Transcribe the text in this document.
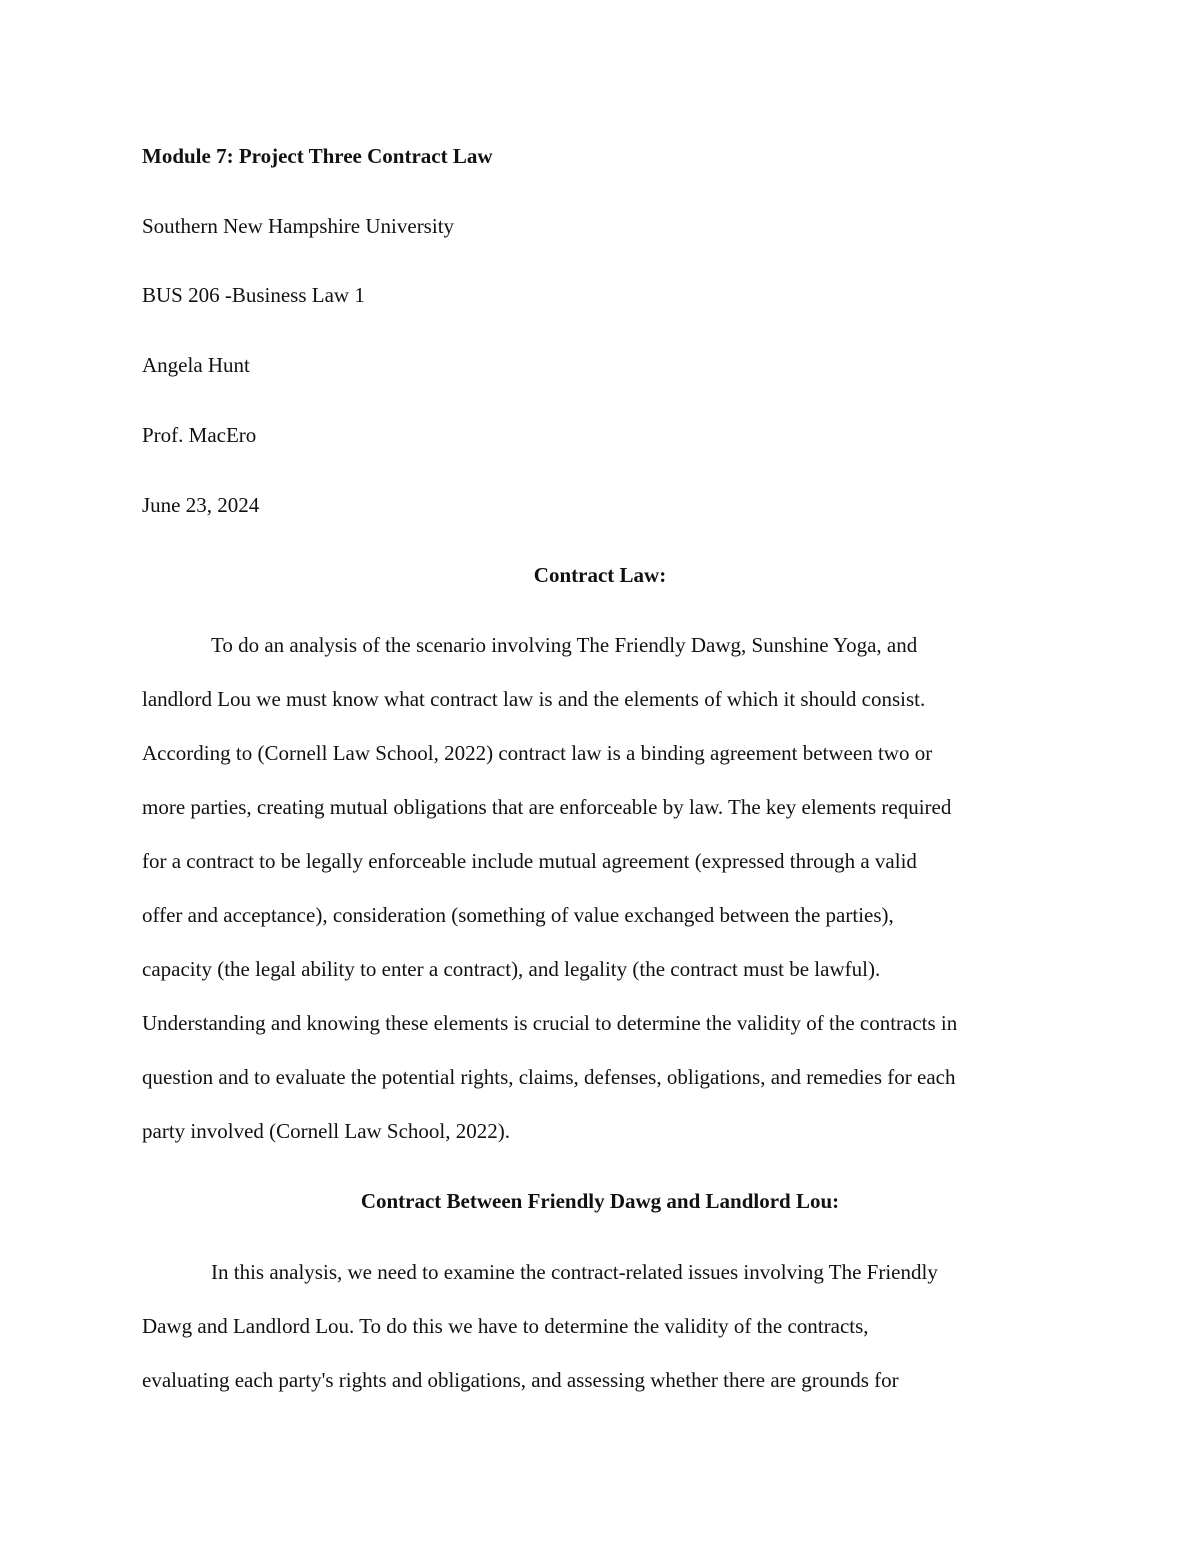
Module 7: Project Three Contract Law

Southern New Hampshire University

BUS 206 -Business Law 1

Angela Hunt

Prof. MacEro

June 23, 2024

Contract Law:

To do an analysis of the scenario involving The Friendly Dawg, Sunshine Yoga, and

landlord Lou we must know what contract law is and the elements of which it should consist.

According to (Cornell Law School, 2022) contract law is a binding agreement between two or

more parties, creating mutual obligations that are enforceable by law. The key elements required

for a contract to be legally enforceable include mutual agreement (expressed through a valid

offer and acceptance), consideration (something of value exchanged between the parties),

capacity (the legal ability to enter a contract), and legality (the contract must be lawful).

Understanding and knowing these elements is crucial to determine the validity of the contracts in

question and to evaluate the potential rights, claims, defenses, obligations, and remedies for each

party involved (Cornell Law School, 2022).

Contract Between Friendly Dawg and Landlord Lou:

In this analysis, we need to examine the contract-related issues involving The Friendly

Dawg and Landlord Lou. To do this we have to determine the validity of the contracts,

evaluating each party's rights and obligations, and assessing whether there are grounds for
